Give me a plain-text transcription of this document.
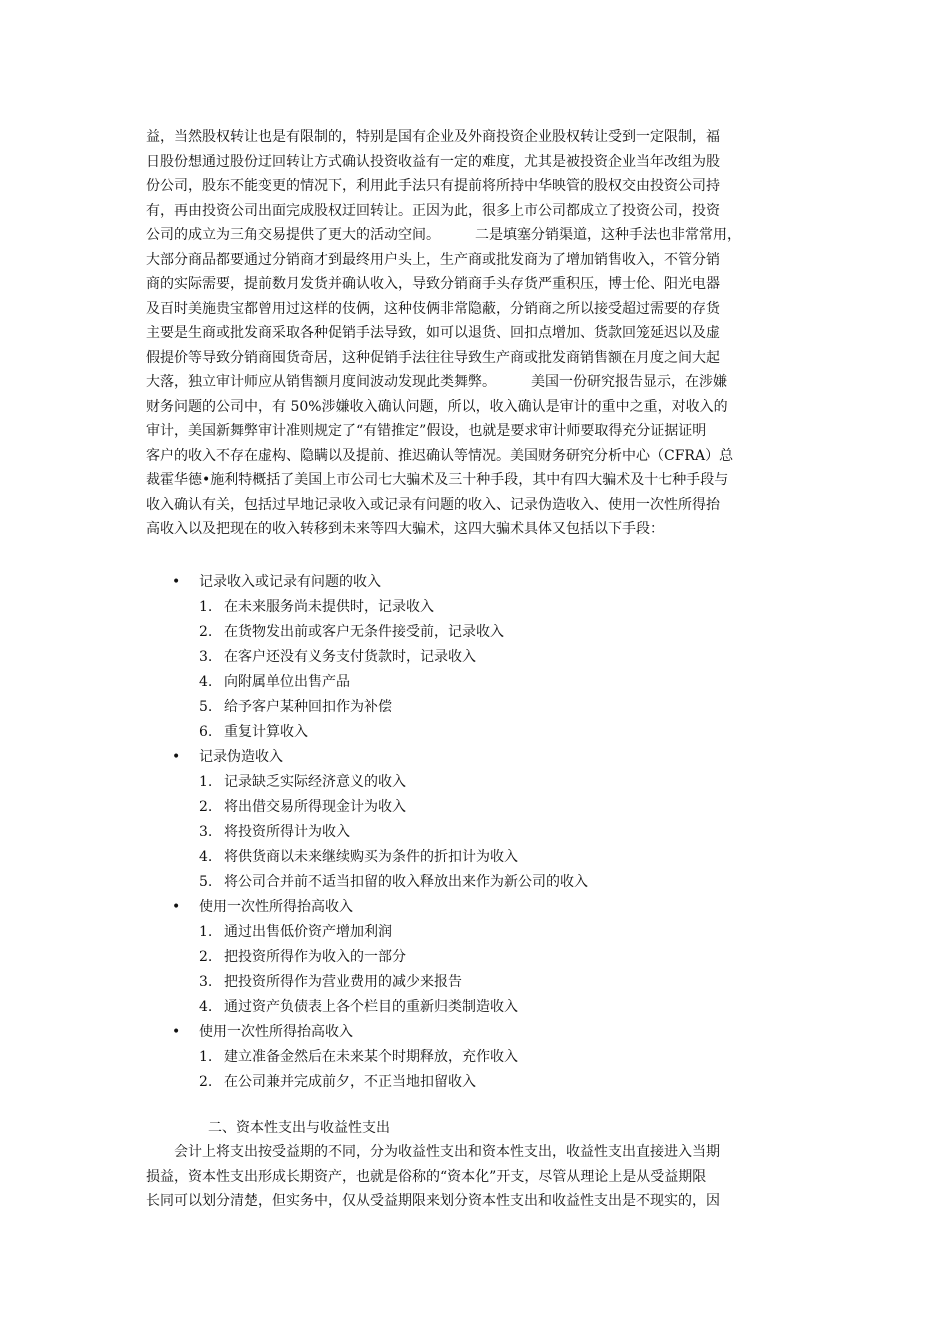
益，当然股权转让也是有限制的，特别是国有企业及外商投资企业股权转让受到一定限制，福
日股份想通过股份迂回转让方式确认投资收益有一定的难度，尤其是被投资企业当年改组为股
份公司，股东不能变更的情况下，利用此手法只有提前将所持中华映管的股权交由投资公司持
有，再由投资公司出面完成股权迂回转让。正因为此，很多上市公司都成立了投资公司，投资
公司的成立为三角交易提供了更大的活动空间。　　　二是填塞分销渠道，这种手法也非常常用，
大部分商品都要通过分销商才到最终用户头上，生产商或批发商为了增加销售收入，不管分销
商的实际需要，提前数月发货并确认收入，导致分销商手头存货严重积压，博士伦、阳光电器
及百时美施贵宝都曾用过这样的伎俩，这种伎俩非常隐蔽，分销商之所以接受超过需要的存货
主要是生商或批发商采取各种促销手法导致，如可以退货、回扣点增加、货款回笼延迟以及虚
假提价等导致分销商囤货奇居，这种促销手法往往导致生产商或批发商销售额在月度之间大起
大落，独立审计师应从销售额月度间波动发现此类舞弊。　　　美国一份研究报告显示，在涉嫌
财务问题的公司中，有 50%涉嫌收入确认问题，所以，收入确认是审计的重中之重，对收入的
审计，美国新舞弊审计准则规定了“有错推定”假设，也就是要求审计师要取得充分证据证明
客户的收入不存在虚构、隐瞒以及提前、推迟确认等情况。美国财务研究分析中心（CFRA）总
裁霍华德•施利特概括了美国上市公司七大骗术及三十种手段，其中有四大骗术及十七种手段与
收入确认有关，包括过早地记录收入或记录有问题的收入、记录伪造收入、使用一次性所得抬
高收入以及把现在的收入转移到未来等四大骗术，这四大骗术具体又包括以下手段：
• 记录收入或记录有问题的收入
1. 在未来服务尚未提供时，记录收入
2. 在货物发出前或客户无条件接受前，记录收入
3. 在客户还没有义务支付货款时，记录收入
4. 向附属单位出售产品
5. 给予客户某种回扣作为补偿
6. 重复计算收入
• 记录伪造收入
1. 记录缺乏实际经济意义的收入
2. 将出借交易所得现金计为收入
3. 将投资所得计为收入
4. 将供货商以未来继续购买为条件的折扣计为收入
5. 将公司合并前不适当扣留的收入释放出来作为新公司的收入
• 使用一次性所得抬高收入
1. 通过出售低价资产增加利润
2. 把投资所得作为收入的一部分
3. 把投资所得作为营业费用的减少来报告
4. 通过资产负债表上各个栏目的重新归类制造收入
• 使用一次性所得抬高收入
1. 建立准备金然后在未来某个时期释放，充作收入
2. 在公司兼并完成前夕，不正当地扣留收入

二、资本性支出与收益性支出

　　会计上将支出按受益期的不同，分为收益性支出和资本性支出，收益性支出直接进入当期
损益，资本性支出形成长期资产，也就是俗称的“资本化”开支，尽管从理论上是从受益期限
长同可以划分清楚，但实务中，仅从受益期限来划分资本性支出和收益性支出是不现实的，因
